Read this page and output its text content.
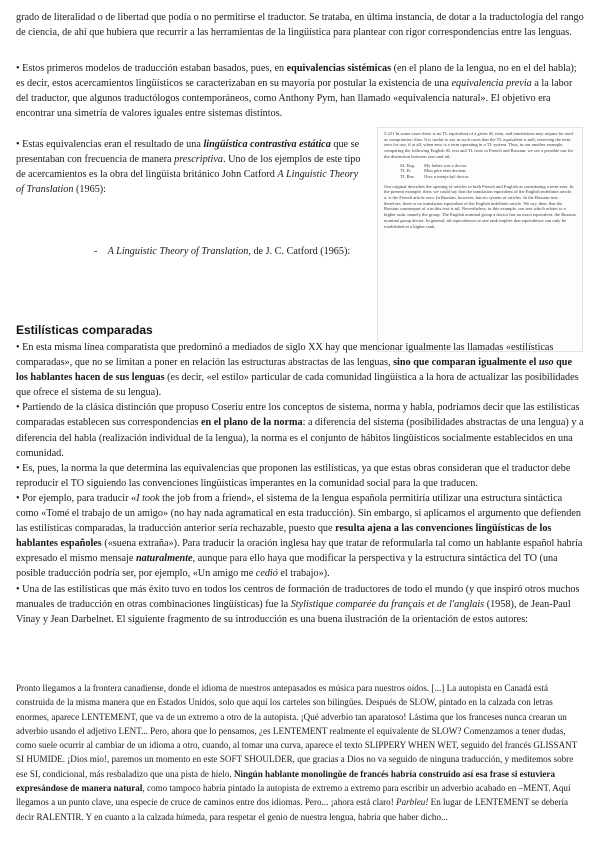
grado de literalidad o de libertad que podía o no permitirse el traductor. Se trataba, en última instancia, de dotar a la traductología del rango de ciencia, de ahí que hubiera que recurrir a las herramientas de la lingüística para plantear con rigor correspondencias entre las lenguas.

• Estos primeros modelos de traducción estaban basados, pues, en equivalencias sistémicas (en el plano de la lengua, no en el del habla); es decir, estos acercamientos lingüísticos se caracterizaban en su mayoría por postular la existencia de una equivalencia previa a la labor del traductor, que algunos traductólogos contemporáneos, como Anthony Pym, han llamado «equivalencia natural». El objetivo era encontrar una simetría de valores iguales entre sistemas distintos.

• Estas equivalencias eran el resultado de una lingüística contrastiva estática que se presentaban con frecuencia de manera prescriptiva. Uno de los ejemplos de este tipo de acercamientos es la obra del lingüista británico John Catford A Linguistic Theory of Translation (1965):

- A Linguistic Theory of Translation, de J. C. Catford (1965):

5.221 In some cases there is no TL equivalent of a given SL item, and translations may require be used as compromise; thus: It is useful to say in such cases that the TL equivalent is null, reserving the term zero for use, if at all, when zero is a term operating in a TL system. Thus, in our another example, comparing the following English SL text and TL texts in French and Russian, we see a possible use for the distinction between zero and nil:

SL Eng.	My father was a doctor.
TL Fr.	Mon père était docteur.
TL Rus.	Otec u menja byl doctor.

Our original describes the opening of articles in both French and English as constituting a term zero. In the present example, then, we could say that the translation equivalent of the English indefinite article, a, is the French article zero. In Russian, however, has no system of articles. In the Russian text, therefore, there is no translation equivalent of the English indefinite article. We say, then, that the Russian counterpart of a in this text is nil. Nevertheless, in this example, our text which relates to a higher rank, namely the group. The English nominal group a doctor has an exact equivalent: the Russian nominal group doctor. In general, nil equivalences at one rank implies that equivalence can only be established at a higher rank.

Estilísticas comparadas

• En esta misma línea comparatista que predominó a mediados de siglo XX hay que mencionar igualmente las llamadas «estilísticas comparadas», que no se limitan a poner en relación las estructuras abstractas de las lenguas, sino que comparan igualmente el uso que los hablantes hacen de sus lenguas (es decir, «el estilo» particular de cada comunidad lingüística a la hora de actualizar las posibilidades que ofrece el sistema de su lengua).

• Partiendo de la clásica distinción que propuso Coseriu entre los conceptos de sistema, norma y habla, podríamos decir que las estilísticas comparadas establecen sus correspondencias en el plano de la norma: a diferencia del sistema (posibilidades abstractas de una lengua) y a diferencia del habla (realización individual de la lengua), la norma es el conjunto de hábitos lingüísticos socialmente establecidos en una comunidad.

• Es, pues, la norma la que determina las equivalencias que proponen las estilísticas, ya que estas obras consideran que el traductor debe reproducir el TO siguiendo las convenciones lingüísticas imperantes en la comunidad social para la que traducen.

• Por ejemplo, para traducir «I took the job from a friend», el sistema de la lengua española permitiría utilizar una estructura sintáctica como «Tomé el trabajo de un amigo» (no hay nada agramatical en esta traducción). Sin embargo, si aplicamos el argumento que defienden las estilísticas comparadas, la traducción anterior sería rechazable, puesto que resulta ajena a las convenciones lingüísticas de los hablantes españoles («suena extraña»). Para traducir la oración inglesa hay que tratar de reformularla tal como un hablante español habría expresado el mismo mensaje naturalmente, aunque para ello haya que modificar la perspectiva y la estructura sintáctica del TO (una posible traducción podría ser, por ejemplo, «Un amigo me cedió el trabajo»).

• Una de las estilísticas que más éxito tuvo en todos los centros de formación de traductores de todo el mundo (y que inspiró otros muchos manuales de traducción en otras combinaciones lingüísticas) fue la Stylistique comparée du français et de l'anglais (1958), de Jean-Paul Vinay y Jean Darbelnet. El siguiente fragmento de su introducción es una buena ilustración de la orientación de estos autores:

Pronto llegamos a la frontera canadiense, donde el idioma de nuestros antepasados es música para nuestros oídos. [...] La autopista en Canadá está construida de la misma manera que en Estados Unidos, solo que aquí los carteles son bilingües. Después de SLOW, pintado en la calzada con letras enormes, aparece LENTEMENT, que va de un extremo a otro de la autopista. ¡Qué adverbio tan aparatoso! Lástima que los franceses nunca crearan un adverbio usando el adjetivo LENT... Pero, ahora que lo pensamos, ¿es LENTEMENT realmente el equivalente de SLOW? Comenzamos a tener dudas, como suele ocurrir al cambiar de un idioma a otro, cuando, al tomar una curva, aparece el texto SLIPPERY WHEN WET, seguido del francés GLISSANT SI HUMIDE. ¡Dios mío!, paremos un momento en este SOFT SHOULDER, que gracias a Dios no va seguido de ninguna traducción, y meditemos sobre ese SI, condicional, más resbaladizo que una pista de hielo. Ningún hablante monolingüe de francés habría construido así esa frase si estuviera expresándose de manera natural, como tampoco habría pintado la autopista de extremo a extremo para escribir un adverbio acabado en –MENT. Aquí llegamos a un punto clave, una especie de cruce de caminos entre dos idiomas. Pero... ¡ahora está claro! Parbleu! En lugar de LENTEMENT se debería decir RALENTIR. Y en cuanto a la calzada húmeda, para respetar el genio de nuestra lengua, habría que haber dicho...
